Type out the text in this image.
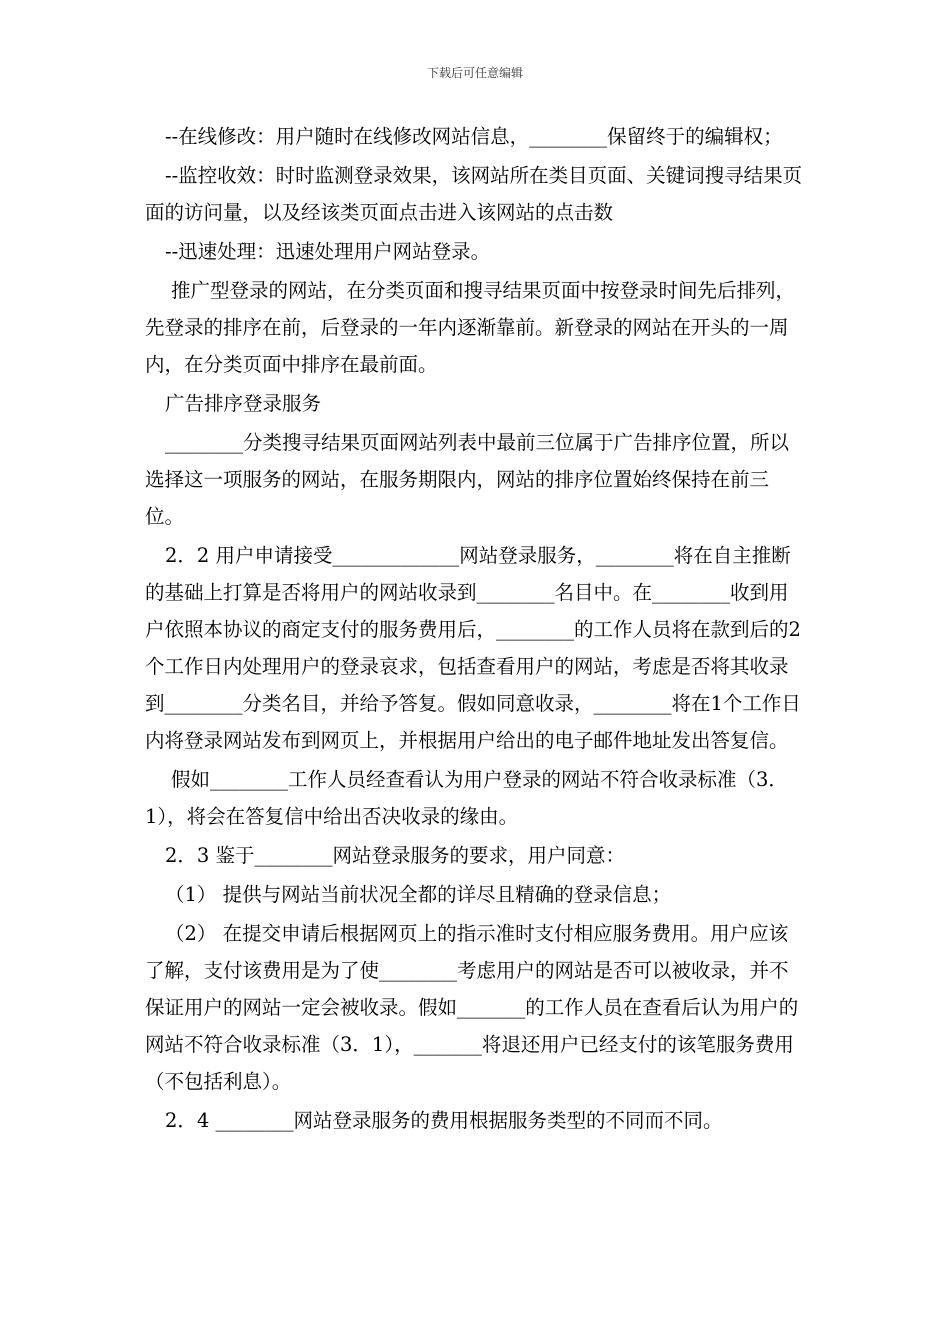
下载后可任意编辑

--在线修改：用户随时在线修改网站信息，________保留终于的编辑权；

--监控收效：时时监测登录效果，该网站所在类目页面、关键词搜寻结果页面的访问量，以及经该类页面点击进入该网站的点击数

--迅速处理：迅速处理用户网站登录。

推广型登录的网站，在分类页面和搜寻结果页面中按登录时间先后排列，先登录的排序在前，后登录的一年内逐渐靠前。新登录的网站在开头的一周内，在分类页面中排序在最前面。

广告排序登录服务

________分类搜寻结果页面网站列表中最前三位属于广告排序位置，所以选择这一项服务的网站，在服务期限内，网站的排序位置始终保持在前三位。

2．2 用户申请接受_____________网站登录服务，________将在自主推断的基础上打算是否将用户的网站收录到________名目中。在________收到用户依照本协议的商定支付的服务费用后，________的工作人员将在款到后的2个工作日内处理用户的登录哀求，包括查看用户的网站，考虑是否将其收录到________分类名目，并给予答复。假如同意收录，________将在1个工作日内将登录网站发布到网页上，并根据用户给出的电子邮件地址发出答复信。

假如________工作人员经查看认为用户登录的网站不符合收录标准（3．1），将会在答复信中给出否决收录的缘由。

2．3 鉴于________网站登录服务的要求，用户同意：

（1） 提供与网站当前状况全都的详尽且精确的登录信息；

（2） 在提交申请后根据网页上的指示准时支付相应服务费用。用户应该了解，支付该费用是为了使________考虑用户的网站是否可以被收录，并不保证用户的网站一定会被收录。假如_______的工作人员在查看后认为用户的网站不符合收录标准（3．1），_______将退还用户已经支付的该笔服务费用（不包括利息）。

2．4 ________网站登录服务的费用根据服务类型的不同而不同。
